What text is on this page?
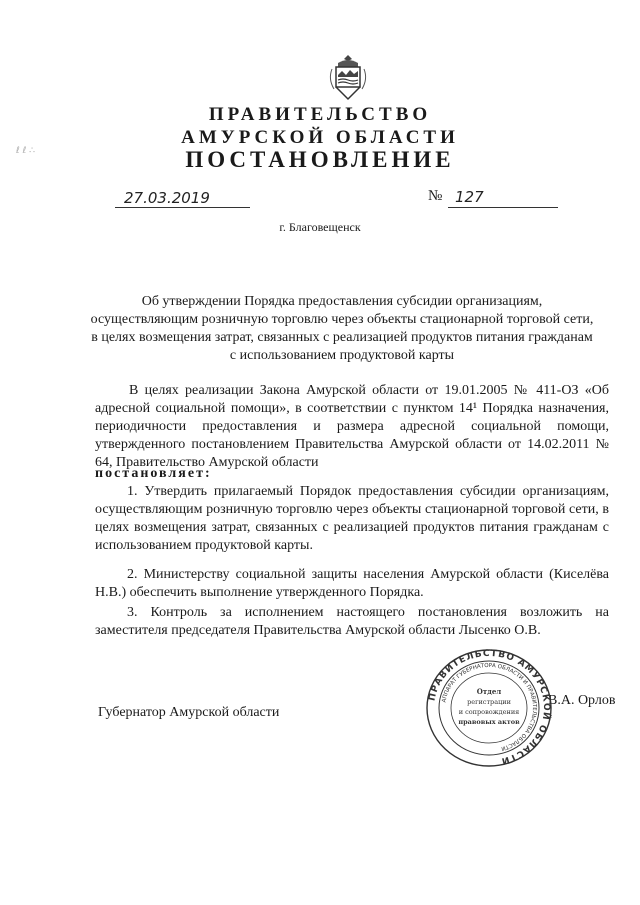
ПРАВИТЕЛЬСТВО
АМУРСКОЙ ОБЛАСТИ
ПОСТАНОВЛЕНИЕ
27.03.2019	№ 127
г. Благовещенск
Об утверждении Порядка предоставления субсидии организациям, осуществляющим розничную торговлю через объекты стационарной торговой сети, в целях возмещения затрат, связанных с реализацией продуктов питания гражданам с использованием продуктовой карты
В целях реализации Закона Амурской области от 19.01.2005 № 411-ОЗ «Об адресной социальной помощи», в соответствии с пунктом 14¹ Порядка назначения, периодичности предоставления и размера адресной социальной помощи, утвержденного постановлением Правительства Амурской области от 14.02.2011 № 64, Правительство Амурской области
постановляет:
1. Утвердить прилагаемый Порядок предоставления субсидии организациям, осуществляющим розничную торговлю через объекты стационарной торговой сети, в целях возмещения затрат, связанных с реализацией продуктов питания гражданам с использованием продуктовой карты.
2. Министерству социальной защиты населения Амурской области (Киселёва Н.В.) обеспечить выполнение утвержденного Порядка.
3. Контроль за исполнением настоящего постановления возложить на заместителя председателя Правительства Амурской области Лысенко О.В.
Губернатор Амурской области
В.А. Орлов
ПРАВИТЕЛЬСТВО АМУРСКОЙ ОБЛАСТИ
АППАРАТ ГУБЕРНАТОРА ОБЛАСТИ И ПРАВИТЕЛЬСТВА ОБЛАСТИ
Отдел
регистрации
и сопровождения
правовых актов
ℓ ℓ ∴
